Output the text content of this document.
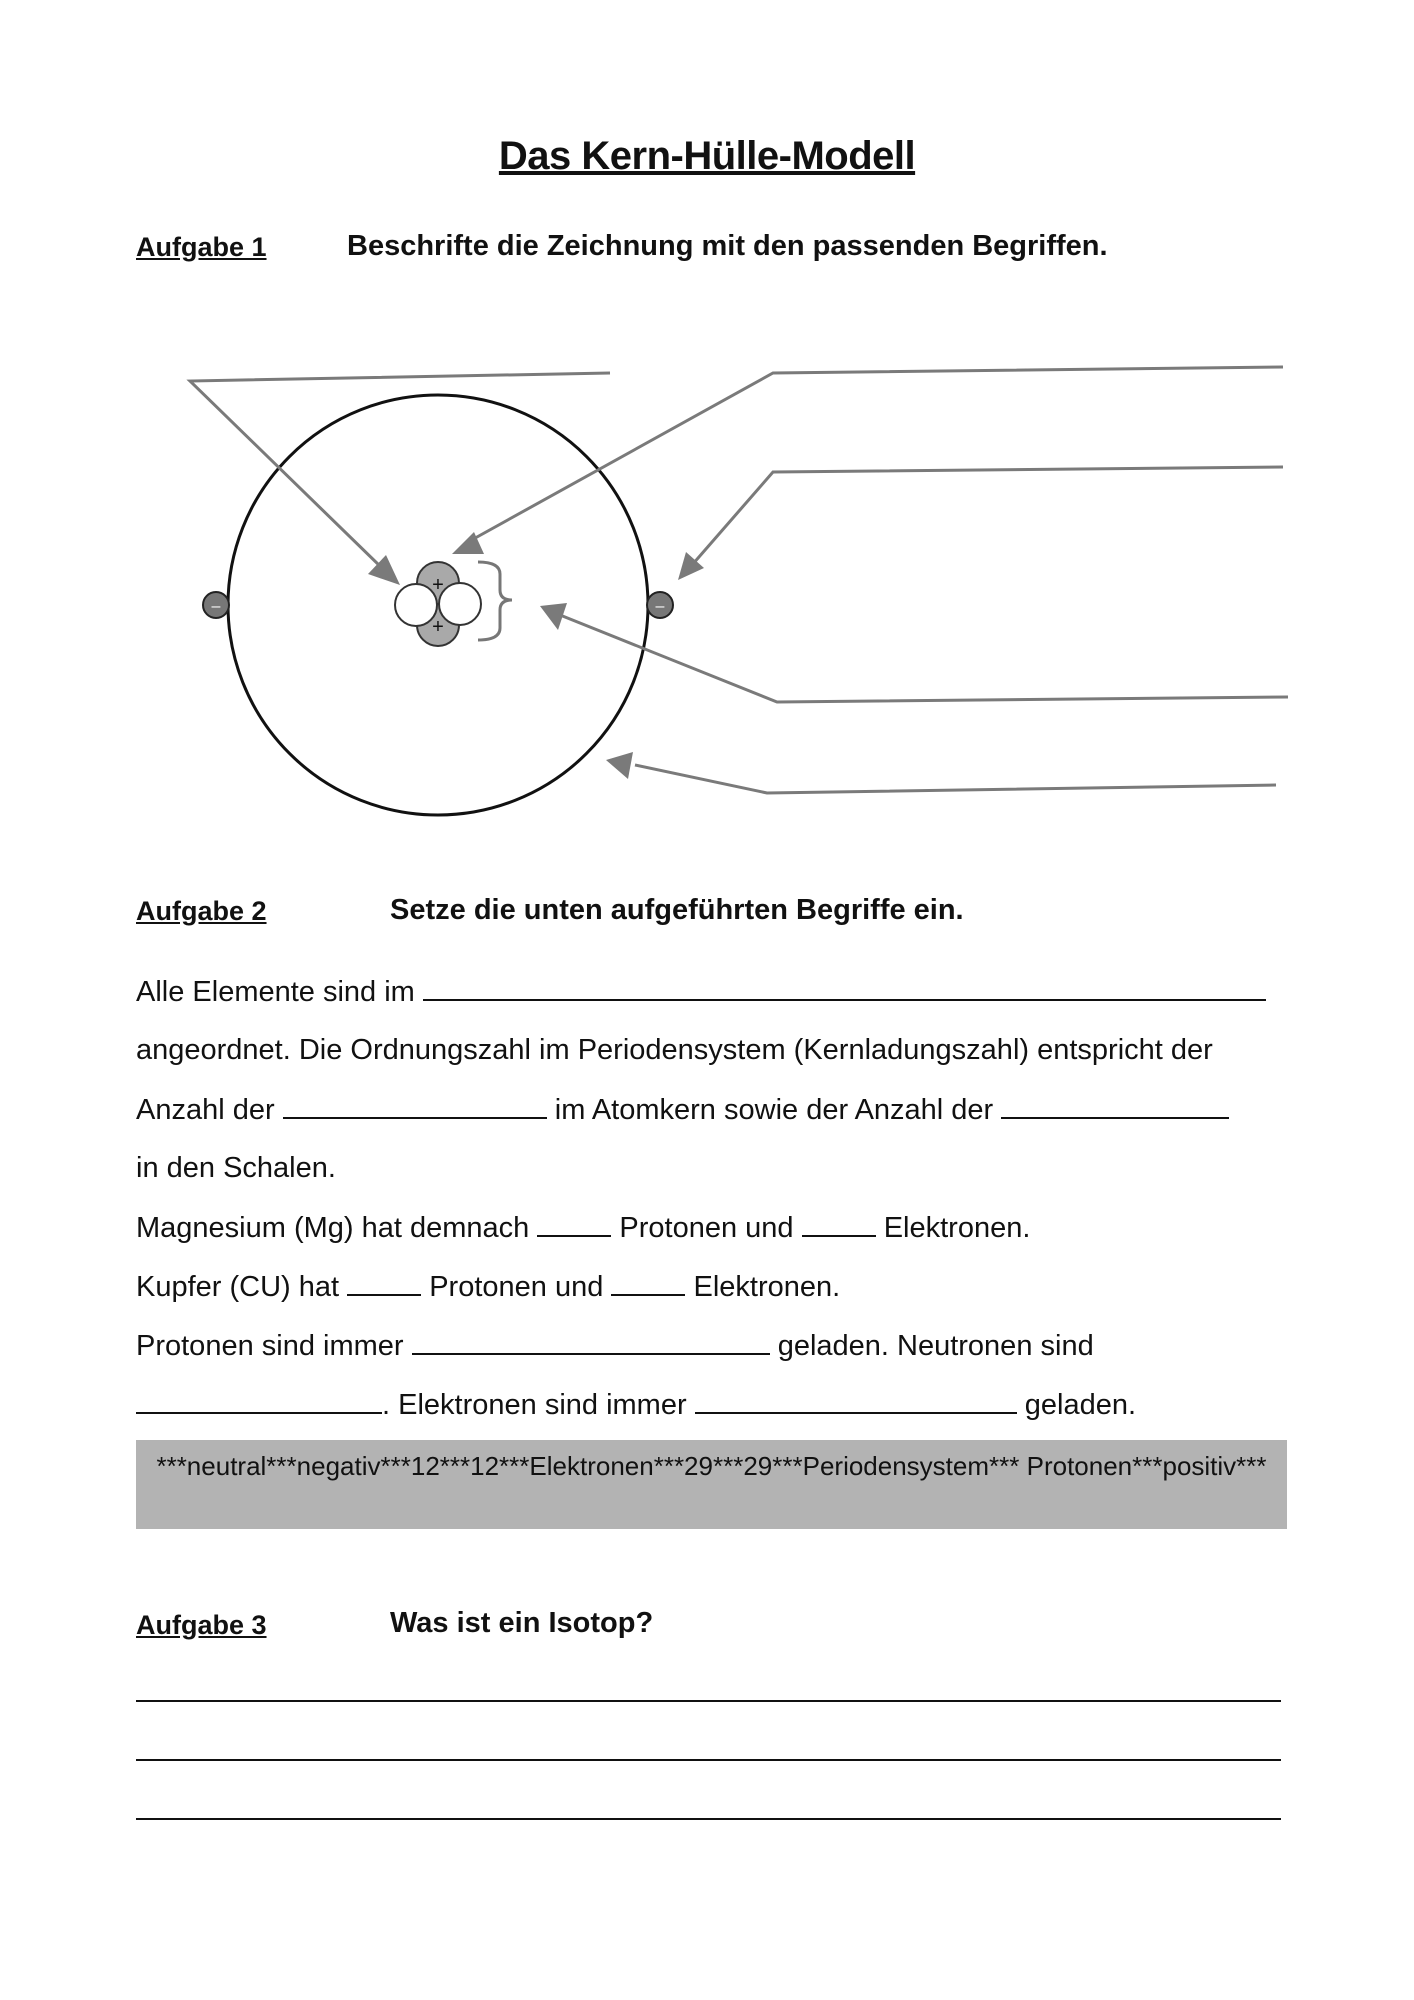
Das Kern-Hülle-Modell
Aufgabe 1	Beschrifte die Zeichnung mit den passenden Begriffen.
+
+
–	–
Aufgabe 2	Setze die unten aufgeführten Begriffe ein.
Alle Elemente sind im
angeordnet. Die Ordnungszahl im Periodensystem (Kernladungszahl) entspricht der
Anzahl der	im Atomkern sowie der Anzahl der
in den Schalen.
Magnesium (Mg) hat demnach	Protonen und	Elektronen.
Kupfer (CU) hat	Protonen und	Elektronen.
Protonen sind immer	geladen. Neutronen sind
. Elektronen sind immer	geladen.
***neutral***negativ***12***12***Elektronen***29***29***Periodensystem*** Protonen***positiv***
Aufgabe 3	Was ist ein Isotop?
